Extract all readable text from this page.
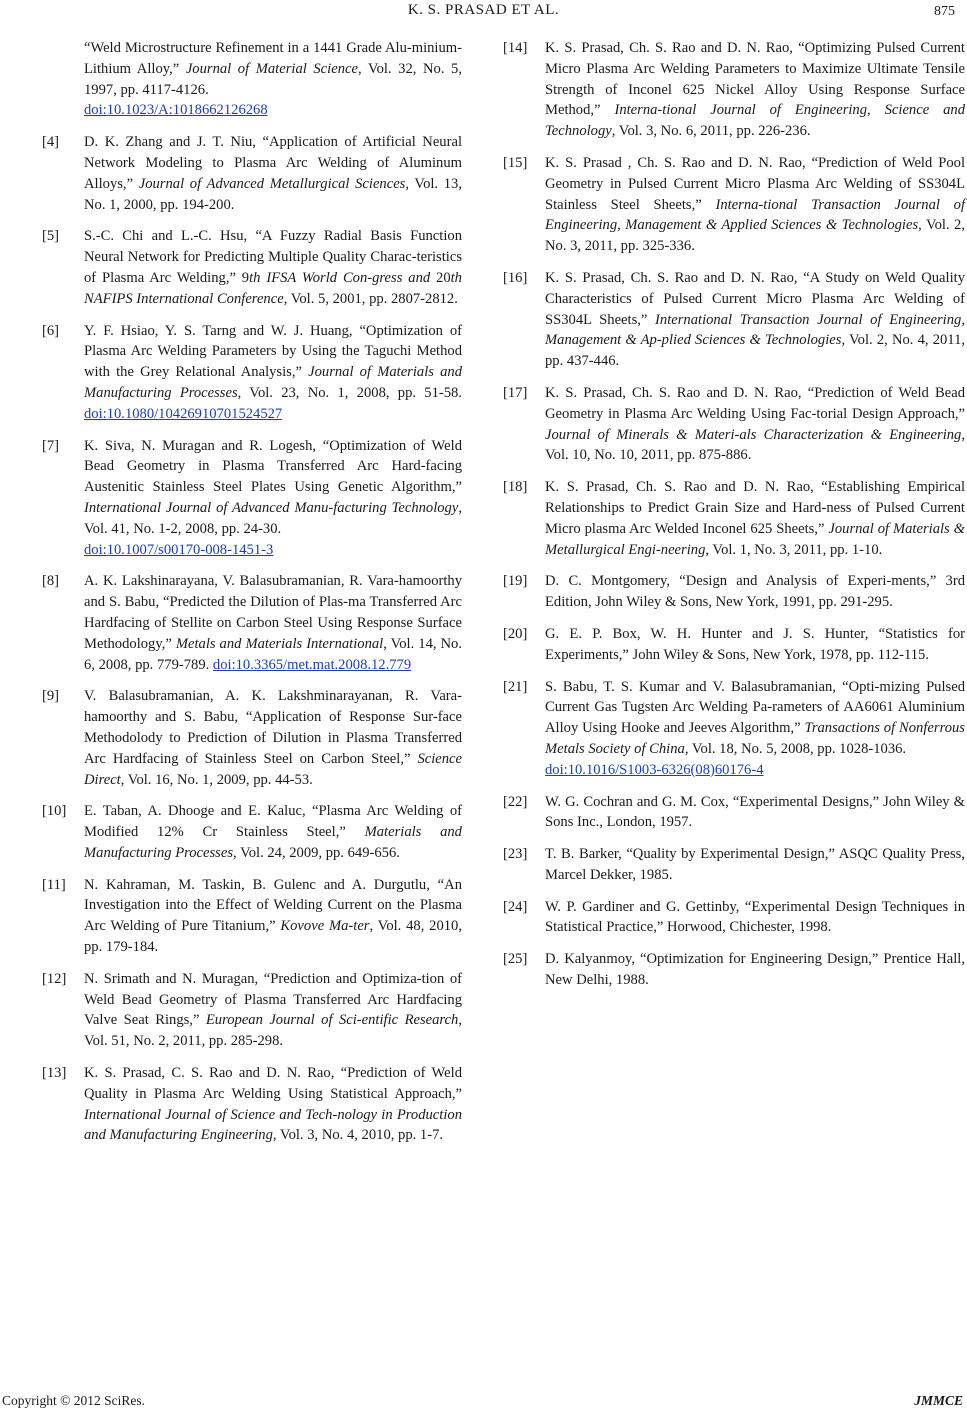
K. S. PRASAD ET AL.	875
“Weld Microstructure Refinement in a 1441 Grade Alu-minium-Lithium Alloy,” Journal of Material Science, Vol. 32, No. 5, 1997, pp. 4117-4126.
doi:10.1023/A:1018662126268
[4] D. K. Zhang and J. T. Niu, “Application of Artificial Neural Network Modeling to Plasma Arc Welding of Aluminum Alloys,” Journal of Advanced Metallurgical Sciences, Vol. 13, No. 1, 2000, pp. 194-200.
[5] S.-C. Chi and L.-C. Hsu, “A Fuzzy Radial Basis Function Neural Network for Predicting Multiple Quality Charac-teristics of Plasma Arc Welding,” 9th IFSA World Con-gress and 20th NAFIPS International Conference, Vol. 5, 2001, pp. 2807-2812.
[6] Y. F. Hsiao, Y. S. Tarng and W. J. Huang, “Optimization of Plasma Arc Welding Parameters by Using the Taguchi Method with the Grey Relational Analysis,” Journal of Materials and Manufacturing Processes, Vol. 23, No. 1, 2008, pp. 51-58. doi:10.1080/10426910701524527
[7] K. Siva, N. Muragan and R. Logesh, “Optimization of Weld Bead Geometry in Plasma Transferred Arc Hard-facing Austenitic Stainless Steel Plates Using Genetic Algorithm,” International Journal of Advanced Manu-facturing Technology, Vol. 41, No. 1-2, 2008, pp. 24-30.
doi:10.1007/s00170-008-1451-3
[8] A. K. Lakshinarayana, V. Balasubramanian, R. Vara-hamoorthy and S. Babu, “Predicted the Dilution of Plas-ma Transferred Arc Hardfacing of Stellite on Carbon Steel Using Response Surface Methodology,” Metals and Materials International, Vol. 14, No. 6, 2008, pp. 779-789. doi:10.3365/met.mat.2008.12.779
[9] V. Balasubramanian, A. K. Lakshminarayanan, R. Vara-hamoorthy and S. Babu, “Application of Response Sur-face Methodolody to Prediction of Dilution in Plasma Transferred Arc Hardfacing of Stainless Steel on Carbon Steel,” Science Direct, Vol. 16, No. 1, 2009, pp. 44-53.
[10] E. Taban, A. Dhooge and E. Kaluc, “Plasma Arc Welding of Modified 12% Cr Stainless Steel,” Materials and Manufacturing Processes, Vol. 24, 2009, pp. 649-656.
[11] N. Kahraman, M. Taskin, B. Gulenc and A. Durgutlu, “An Investigation into the Effect of Welding Current on the Plasma Arc Welding of Pure Titanium,” Kovove Ma-ter, Vol. 48, 2010, pp. 179-184.
[12] N. Srimath and N. Muragan, “Prediction and Optimiza-tion of Weld Bead Geometry of Plasma Transferred Arc Hardfacing Valve Seat Rings,” European Journal of Sci-entific Research, Vol. 51, No. 2, 2011, pp. 285-298.
[13] K. S. Prasad, C. S. Rao and D. N. Rao, “Prediction of Weld Quality in Plasma Arc Welding Using Statistical Approach,” International Journal of Science and Tech-nology in Production and Manufacturing Engineering, Vol. 3, No. 4, 2010, pp. 1-7.
[14] K. S. Prasad, Ch. S. Rao and D. N. Rao, “Optimizing Pulsed Current Micro Plasma Arc Welding Parameters to Maximize Ultimate Tensile Strength of Inconel 625 Nickel Alloy Using Response Surface Method,” Interna-tional Journal of Engineering, Science and Technology, Vol. 3, No. 6, 2011, pp. 226-236.
[15] K. S. Prasad , Ch. S. Rao and D. N. Rao, “Prediction of Weld Pool Geometry in Pulsed Current Micro Plasma Arc Welding of SS304L Stainless Steel Sheets,” Interna-tional Transaction Journal of Engineering, Management & Applied Sciences & Technologies, Vol. 2, No. 3, 2011, pp. 325-336.
[16] K. S. Prasad, Ch. S. Rao and D. N. Rao, “A Study on Weld Quality Characteristics of Pulsed Current Micro Plasma Arc Welding of SS304L Sheets,” International Transaction Journal of Engineering, Management & Ap-plied Sciences & Technologies, Vol. 2, No. 4, 2011, pp. 437-446.
[17] K. S. Prasad, Ch. S. Rao and D. N. Rao, “Prediction of Weld Bead Geometry in Plasma Arc Welding Using Fac-torial Design Approach,” Journal of Minerals & Materi-als Characterization & Engineering, Vol. 10, No. 10, 2011, pp. 875-886.
[18] K. S. Prasad, Ch. S. Rao and D. N. Rao, “Establishing Empirical Relationships to Predict Grain Size and Hard-ness of Pulsed Current Micro plasma Arc Welded Inconel 625 Sheets,” Journal of Materials & Metallurgical Engi-neering, Vol. 1, No. 3, 2011, pp. 1-10.
[19] D. C. Montgomery, “Design and Analysis of Experi-ments,” 3rd Edition, John Wiley & Sons, New York, 1991, pp. 291-295.
[20] G. E. P. Box, W. H. Hunter and J. S. Hunter, “Statistics for Experiments,” John Wiley & Sons, New York, 1978, pp. 112-115.
[21] S. Babu, T. S. Kumar and V. Balasubramanian, “Opti-mizing Pulsed Current Gas Tugsten Arc Welding Pa-rameters of AA6061 Aluminium Alloy Using Hooke and Jeeves Algorithm,” Transactions of Nonferrous Metals Society of China, Vol. 18, No. 5, 2008, pp. 1028-1036.
doi:10.1016/S1003-6326(08)60176-4
[22] W. G. Cochran and G. M. Cox, “Experimental Designs,” John Wiley & Sons Inc., London, 1957.
[23] T. B. Barker, “Quality by Experimental Design,” ASQC Quality Press, Marcel Dekker, 1985.
[24] W. P. Gardiner and G. Gettinby, “Experimental Design Techniques in Statistical Practice,” Horwood, Chichester, 1998.
[25] D. Kalyanmoy, “Optimization for Engineering Design,” Prentice Hall, New Delhi, 1988.
Copyright © 2012 SciRes.	JMMCE
